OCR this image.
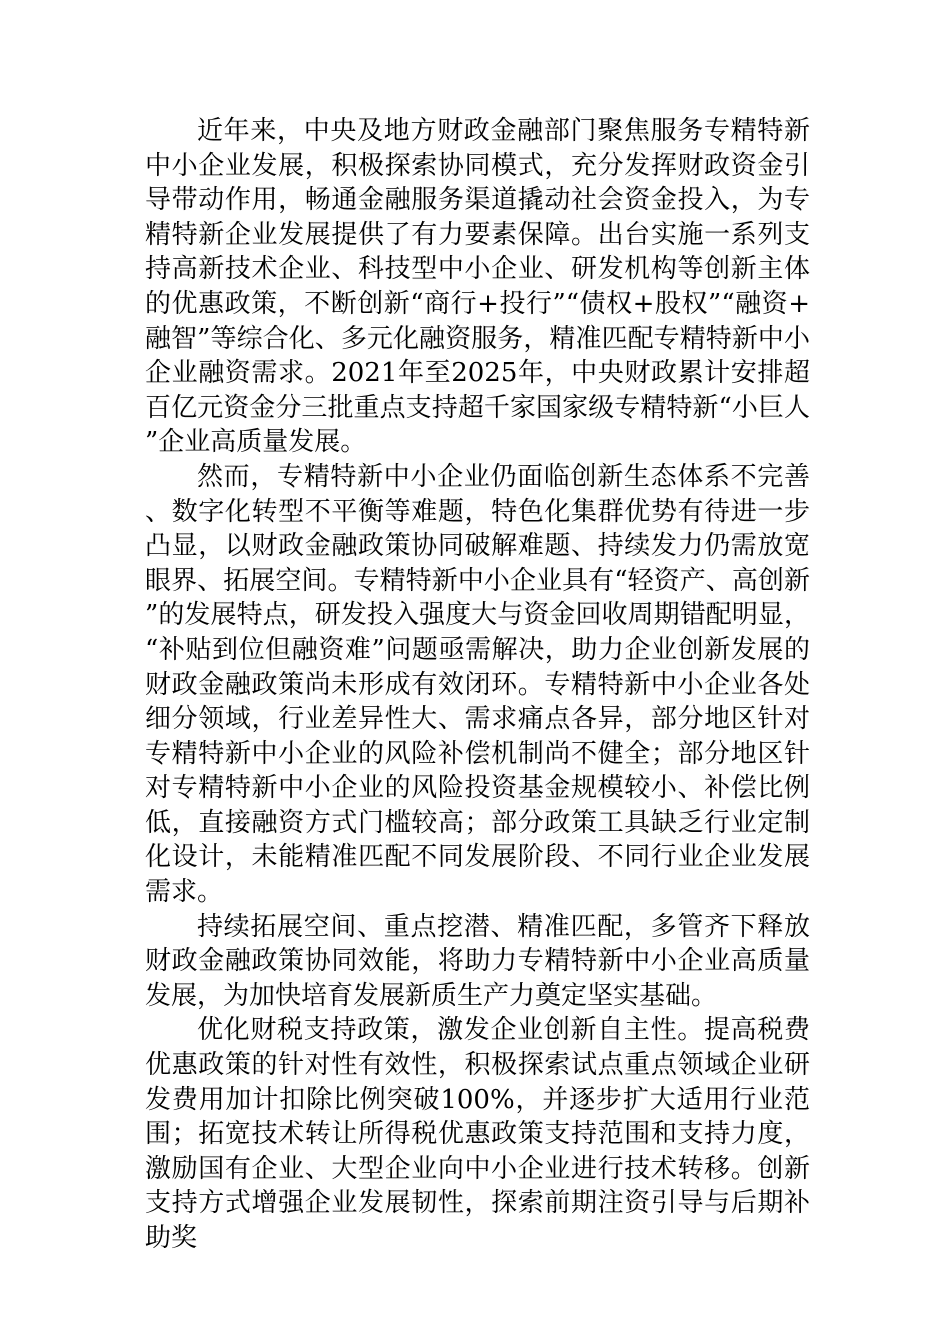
近年来，中央及地方财政金融部门聚焦服务专精特新中小企业发展，积极探索协同模式，充分发挥财政资金引导带动作用，畅通金融服务渠道撬动社会资金投入，为专精特新企业发展提供了有力要素保障。出台实施一系列支持高新技术企业、科技型中小企业、研发机构等创新主体的优惠政策，不断创新“商行+投行”“债权+股权”“融资+融智”等综合化、多元化融资服务，精准匹配专精特新中小企业融资需求。2021年至2025年，中央财政累计安排超百亿元资金分三批重点支持超千家国家级专精特新“小巨人”企业高质量发展。

然而，专精特新中小企业仍面临创新生态体系不完善、数字化转型不平衡等难题，特色化集群优势有待进一步凸显，以财政金融政策协同破解难题、持续发力仍需放宽眼界、拓展空间。专精特新中小企业具有“轻资产、高创新”的发展特点，研发投入强度大与资金回收周期错配明显，“补贴到位但融资难”问题亟需解决，助力企业创新发展的财政金融政策尚未形成有效闭环。专精特新中小企业各处细分领域，行业差异性大、需求痛点各异，部分地区针对专精特新中小企业的风险补偿机制尚不健全；部分地区针对专精特新中小企业的风险投资基金规模较小、补偿比例低，直接融资方式门槛较高；部分政策工具缺乏行业定制化设计，未能精准匹配不同发展阶段、不同行业企业发展需求。

持续拓展空间、重点挖潜、精准匹配，多管齐下释放财政金融政策协同效能，将助力专精特新中小企业高质量发展，为加快培育发展新质生产力奠定坚实基础。

优化财税支持政策，激发企业创新自主性。提高税费优惠政策的针对性有效性，积极探索试点重点领域企业研发费用加计扣除比例突破100%，并逐步扩大适用行业范围；拓宽技术转让所得税优惠政策支持范围和支持力度，激励国有企业、大型企业向中小企业进行技术转移。创新支持方式增强企业发展韧性，探索前期注资引导与后期补助奖
